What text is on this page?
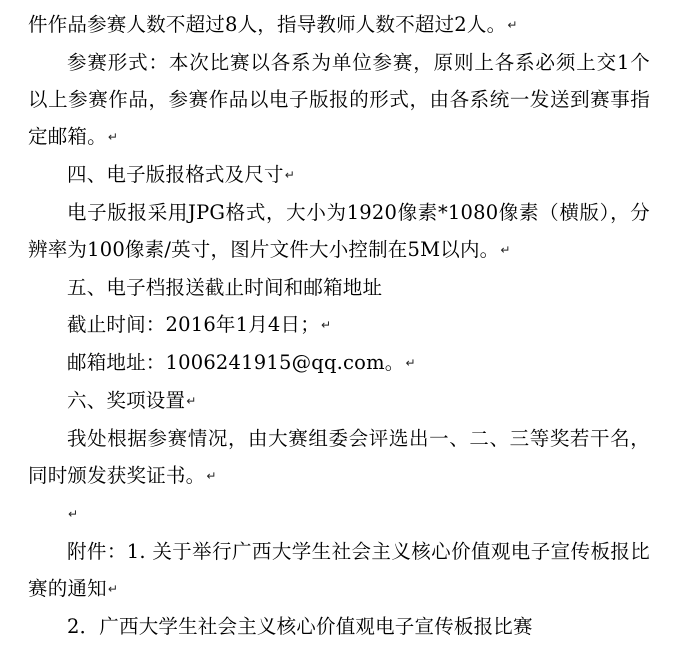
件作品参赛人数不超过8人，指导教师人数不超过2人。↵

参赛形式：本次比赛以各系为单位参赛，原则上各系必须上交1个以上参赛作品，参赛作品以电子版报的形式，由各系统一发送到赛事指定邮箱。↵

四、电子版报格式及尺寸↵

电子版报采用JPG格式，大小为1920像素*1080像素（横版），分辨率为100像素/英寸，图片文件大小控制在5M以内。↵

五、电子档报送截止时间和邮箱地址

截止时间：2016年1月4日；↵

邮箱地址：1006241915@qq.com。↵

六、奖项设置↵

我处根据参赛情况，由大赛组委会评选出一、二、三等奖若干名，同时颁发获奖证书。↵

↵

附件：1. 关于举行广西大学生社会主义核心价值观电子宣传板报比赛的通知↵

2．广西大学生社会主义核心价值观电子宣传板报比赛
